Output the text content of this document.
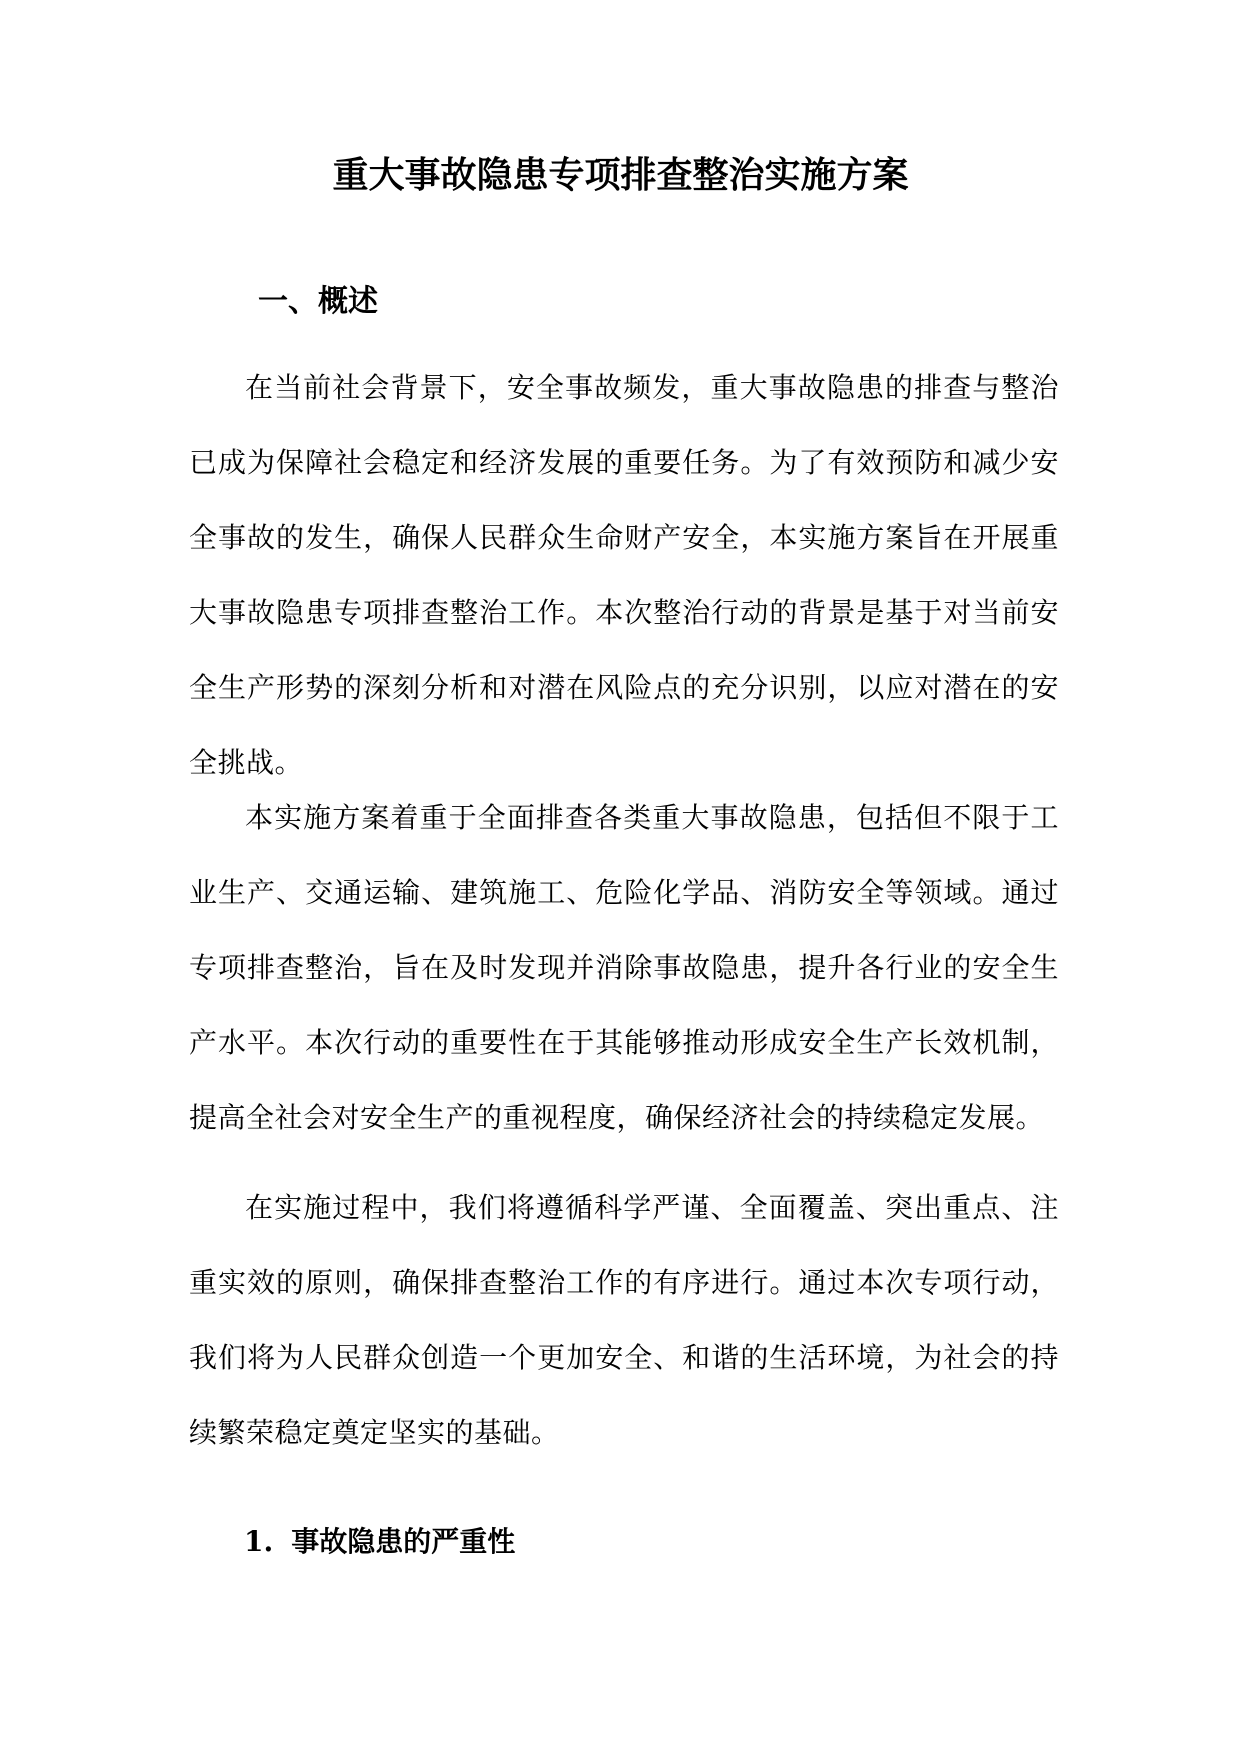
重大事故隐患专项排查整治实施方案
一、概述

在当前社会背景下，安全事故频发，重大事故隐患的排查与整治已成为保障社会稳定和经济发展的重要任务。为了有效预防和减少安全事故的发生，确保人民群众生命财产安全，本实施方案旨在开展重大事故隐患专项排查整治工作。本次整治行动的背景是基于对当前安全生产形势的深刻分析和对潜在风险点的充分识别，以应对潜在的安全挑战。

本实施方案着重于全面排查各类重大事故隐患，包括但不限于工业生产、交通运输、建筑施工、危险化学品、消防安全等领域。通过专项排查整治，旨在及时发现并消除事故隐患，提升各行业的安全生产水平。本次行动的重要性在于其能够推动形成安全生产长效机制，提高全社会对安全生产的重视程度，确保经济社会的持续稳定发展。

在实施过程中，我们将遵循科学严谨、全面覆盖、突出重点、注重实效的原则，确保排查整治工作的有序进行。通过本次专项行动，我们将为人民群众创造一个更加安全、和谐的生活环境，为社会的持续繁荣稳定奠定坚实的基础。

1. 事故隐患的严重性
